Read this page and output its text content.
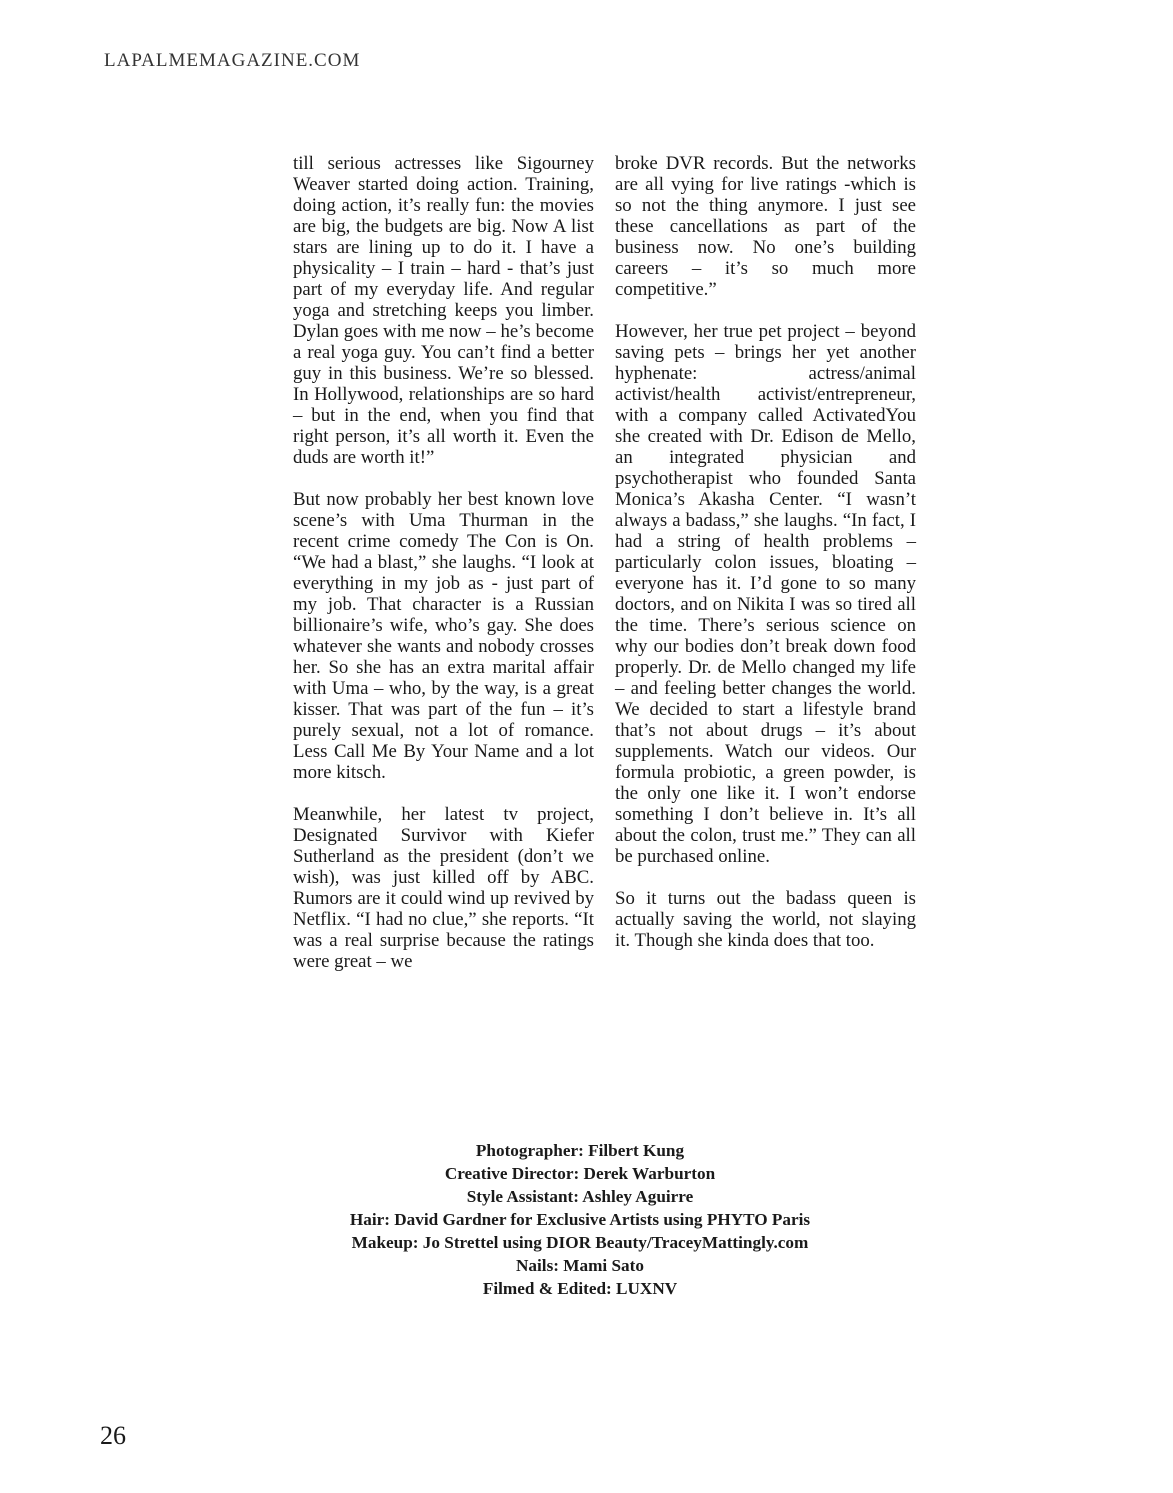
LAPALMEMAGAZINE.COM

till serious actresses like Sigourney Weaver started doing action. Training, doing action, it’s really fun: the movies are big, the budgets are big. Now A list stars are lining up to do it. I have a physicality – I train – hard - that’s just part of my everyday life. And regular yoga and stretching keeps you limber. Dylan goes with me now – he’s become a real yoga guy. You can’t find a better guy in this business. We’re so blessed. In Hollywood, relationships are so hard – but in the end, when you find that right person, it’s all worth it. Even the duds are worth it!”

But now probably her best known love scene’s with Uma Thurman in the recent crime comedy The Con is On. “We had a blast,” she laughs. “I look at everything in my job as - just part of my job. That character is a Russian billionaire’s wife, who’s gay. She does whatever she wants and nobody crosses her. So she has an extra marital affair with Uma – who, by the way, is a great kisser. That was part of the fun – it’s purely sexual, not a lot of romance. Less Call Me By Your Name and a lot more kitsch.

Meanwhile, her latest tv project, Designated Survivor with Kiefer Sutherland as the president (don’t we wish), was just killed off by ABC. Rumors are it could wind up revived by Netflix. “I had no clue,” she reports. “It was a real surprise because the ratings were great – we

broke DVR records. But the networks are all vying for live ratings -which is so not the thing anymore. I just see these cancellations as part of the business now. No one’s building careers – it’s so much more competitive.”

However, her true pet project – beyond saving pets – brings her yet another hyphenate: actress/animal activist/health activist/entrepreneur, with a company called ActivatedYou she created with Dr. Edison de Mello, an integrated physician and psychotherapist who founded Santa Monica’s Akasha Center. “I wasn’t always a badass,” she laughs. “In fact, I had a string of health problems – particularly colon issues, bloating – everyone has it. I’d gone to so many doctors, and on Nikita I was so tired all the time. There’s serious science on why our bodies don’t break down food properly. Dr. de Mello changed my life – and feeling better changes the world. We decided to start a lifestyle brand that’s not about drugs – it’s about supplements. Watch our videos. Our formula probiotic, a green powder, is the only one like it. I won’t endorse something I don’t believe in. It’s all about the colon, trust me.” They can all be purchased online.

So it turns out the badass queen is actually saving the world, not slaying it. Though she kinda does that too.

Photographer: Filbert Kung
Creative Director: Derek Warburton
Style Assistant: Ashley Aguirre
Hair: David Gardner for Exclusive Artists using PHYTO Paris
Makeup: Jo Strettel using DIOR Beauty/TraceyMattingly.com
Nails: Mami Sato
Filmed & Edited: LUXNV
26
